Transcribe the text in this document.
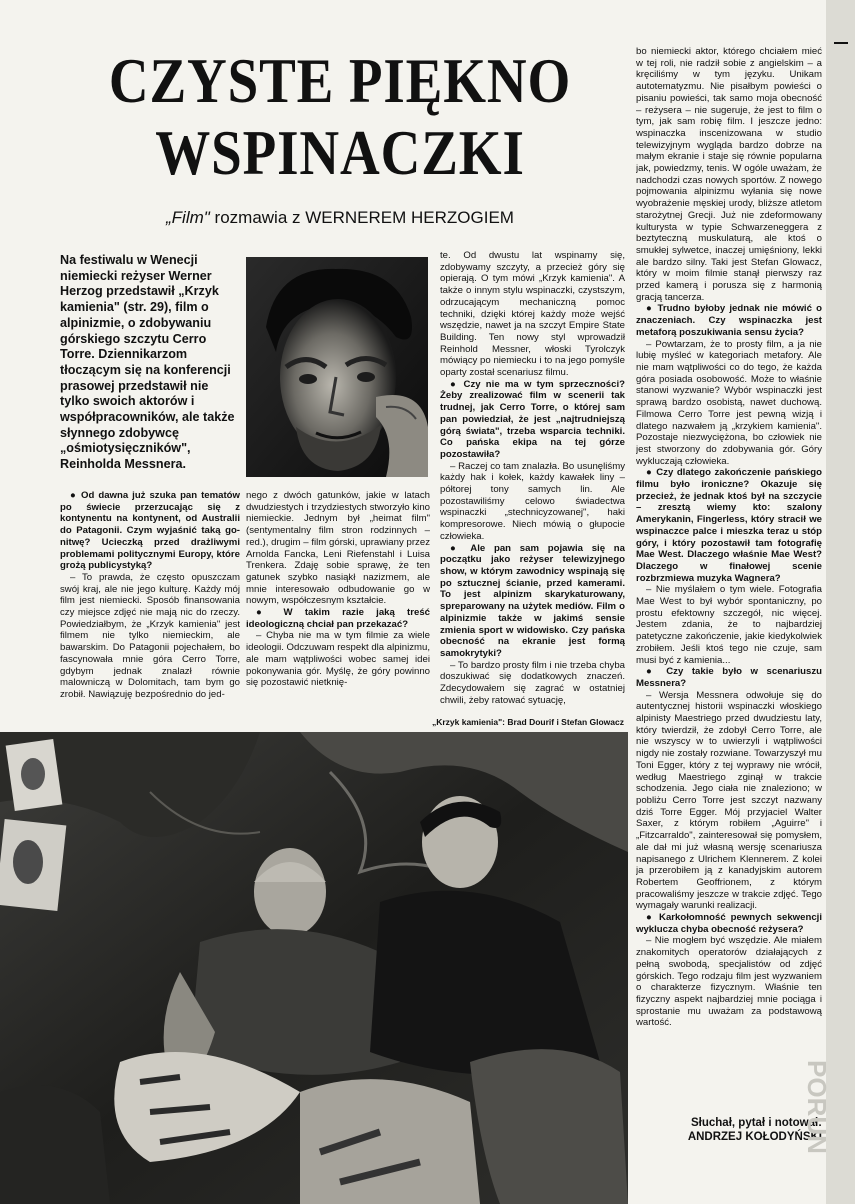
CZYSTE PIĘKNO
WSPINACZKI
„Film" rozmawia z WERNEREM HERZOGIEM
Na festiwalu w Wenecji niemiecki reżyser Werner Herzog przedstawił „Krzyk kamienia" (str. 29), film o alpinizmie, o zdobywaniu górskiego szczytu Cerro Torre. Dziennikarzom tłoczącym się na konferencji prasowej przedstawił nie tylko swoich aktorów i współpracowników, ale także słynnego zdobywcę „ośmiotysięczników", Reinholda Messnera.

● Od dawna już szuka pan tematów po świecie przerzucając się z kontynentu na kontynent, od Australii do Patagonii. Czym wyjaśnić taką go-nitwę? Ucieczką przed drażliwymi problemami politycznymi Europy, które grożą publicystyką?

– To prawda, że często opuszczam swój kraj, ale nie jego kulturę. Każdy mój film jest niemiecki. Sposób finansowania czy miejsce zdjęć nie mają nic do rzeczy. Powiedziałbym, że „Krzyk kamienia" jest filmem nie tylko niemieckim, ale bawarskim. Do Patagonii pojechałem, bo fascynowała mnie góra Cerro Torre, gdybym jednak znalazł równie malowniczą w Dolomitach, tam bym go zrobił. Nawiązuję bezpośrednio do jed-

nego z dwóch gatunków, jakie w latach dwudziestych i trzydziestych stworzyło kino niemieckie. Jednym był „heimat film" (sentymentalny film stron rodzinnych – red.), drugim – film górski, uprawiany przez Arnolda Fancka, Leni Riefenstahl i Luisa Trenkera. Zdaję sobie sprawę, że ten gatunek szybko nasiąkł nazizmem, ale mnie interesowało odbudowanie go w nowym, współczesnym kształcie.

● W takim razie jaką treść ideologiczną chciał pan przekazać?

– Chyba nie ma w tym filmie za wiele ideologii. Odczuwam respekt dla alpinizmu, ale mam wątpliwości wobec samej idei pokonywania gór. Myślę, że góry powinno się pozostawić nietknię-

te. Od dwustu lat wspinamy się, zdobywamy szczyty, a przecież góry się opierają. O tym mówi „Krzyk kamienia". A także o innym stylu wspinaczki, czystszym, odrzucającym mechaniczną pomoc techniki, dzięki której każdy może wejść wszędzie, nawet ja na szczyt Empire State Building. Ten nowy styl wprowadził Reinhold Messner, włoski Tyrolczyk mówiący po niemiecku i to na jego pomyśle oparty został scenariusz filmu.

● Czy nie ma w tym sprzeczności? Żeby zrealizować film w scenerii tak trudnej, jak Cerro Torre, o której sam pan powiedział, że jest „najtrudniejszą górą świata", trzeba wsparcia techniki. Co pańska ekipa na tej górze pozostawiła?

– Raczej co tam znalazła. Bo usunęliśmy każdy hak i kołek, każdy kawałek liny – półtorej tony samych lin. Ale pozostawiliśmy celowo świadectwa wspinaczki „stechnicyzowanej", haki kompresorowe. Niech mówią o głupocie człowieka.

● Ale pan sam pojawia się na początku jako reżyser telewizyjnego show, w którym zawodnicy wspinają się po sztucznej ścianie, przed kamerami. To jest alpinizm skarykaturowany, spreparowany na użytek mediów. Film o alpinizmie także w jakimś sensie zmienia sport w widowisko. Czy pańska obecność na ekranie jest formą samokrytyki?

– To bardzo prosty film i nie trzeba chyba doszukiwać się dodatkowych znaczeń. Zdecydowałem się zagrać w ostatniej chwili, żeby ratować sytuację,

bo niemiecki aktor, którego chciałem mieć w tej roli, nie radził sobie z angielskim – a kręciliśmy w tym języku. Unikam autotematyzmu. Nie pisałbym powieści o pisaniu powieści, tak samo moja obecność – reżysera – nie sugeruje, że jest to film o tym, jak sam robię film. I jeszcze jedno: wspinaczka inscenizowana w studio telewizyjnym wygląda bardzo dobrze na małym ekranie i staje się równie popularna jak, powiedzmy, tenis. W ogóle uważam, że nadchodzi czas nowych sportów. Z nowego pojmowania alpinizmu wyłania się nowe wyobrażenie męskiej urody, bliższe atletom starożytnej Grecji. Już nie zdeformowany kulturysta w typie Schwarzeneggera z beztyteczną muskulaturą, ale ktoś o smukłej sylwetce, inaczej umięśniony, lekki ale bardzo silny. Taki jest Stefan Glowacz, który w moim filmie stanął pierwszy raz przed kamerą i porusza się z harmonią gracją tancerza.

● Trudno byłoby jednak nie mówić o znaczeniach. Czy wspinaczka jest metaforą poszukiwania sensu życia?

– Powtarzam, że to prosty film, a ja nie lubię myśleć w kategoriach metafory. Ale nie mam wątpliwości co do tego, że każda góra posiada osobowość. Może to właśnie stanowi wyzwanie? Wybór wspinaczki jest sprawą bardzo osobistą, nawet duchową. Filmowa Cerro Torre jest pewną wizją i dlatego nazwałem ją „krzykiem kamienia". Pozostaje niezwyciężona, bo człowiek nie jest stworzony do zdobywania gór. Góry wykluczają człowieka.

● Czy dlatego zakończenie pańskiego filmu było ironiczne? Okazuje się przecież, że jednak ktoś był na szczycie – zresztą wiemy kto: szalony Amerykanin, Fingerless, który stracił we wspinaczce palce i mieszka teraz u stóp góry, i który pozostawił tam fotografię Mae West. Dlaczego właśnie Mae West? Dlaczego w finałowej scenie rozbrzmiewa muzyka Wagnera?

– Nie myślałem o tym wiele. Fotografia Mae West to był wybór spontaniczny, po prostu efektowny szczegół, nic więcej. Jestem zdania, że to najbardziej patetyczne zakończenie, jakie kiedykolwiek zrobiłem. Jeśli ktoś tego nie czuje, sam musi być z kamienia...

● Czy takie było w scenariuszu Messnera?

– Wersja Messnera odwołuje się do autentycznej historii wspinaczki włoskiego alpinisty Maestriego przed dwudziestu laty, który twierdził, że zdobył Cerro Torre, ale nie wszyscy w to uwierzyli i wątpliwości nigdy nie zostały rozwiane. Towarzyszył mu Toni Egger, który z tej wyprawy nie wrócił, według Maestriego zginął w trakcie schodzenia. Jego ciała nie znaleziono; w pobliżu Cerro Torre jest szczyt nazwany dziś Torre Egger. Mój przyjaciel Walter Saxer, z którym robiłem „Aguirre" i „Fitzcarraldo", zainteresował się pomysłem, ale dał mi już własną wersję scenariusza napisanego z Ulrichem Klennerem. Z kolei ja przerobiłem ją z kanadyjskim autorem Robertem Geoffrionem, z którym pracowaliśmy jeszcze w trakcie zdjęć. Tego wymagały warunki realizacji.

● Karkołomność pewnych sekwencji wyklucza chyba obecność reżysera?

– Nie mogłem być wszędzie. Ale miałem znakomitych operatorów działających z pełną swobodą, specjalistów od zdjęć górskich. Tego rodzaju film jest wyzwaniem o charakterze fizycznym. Właśnie ten fizyczny aspekt najbardziej mnie pociąga i sprostanie mu uważam za podstawową wartość.

„Krzyk kamienia": Brad Dourif i Stefan Glowacz
Słuchał, pytał i notował:
ANDRZEJ KOŁODYŃSKI
PORUN
